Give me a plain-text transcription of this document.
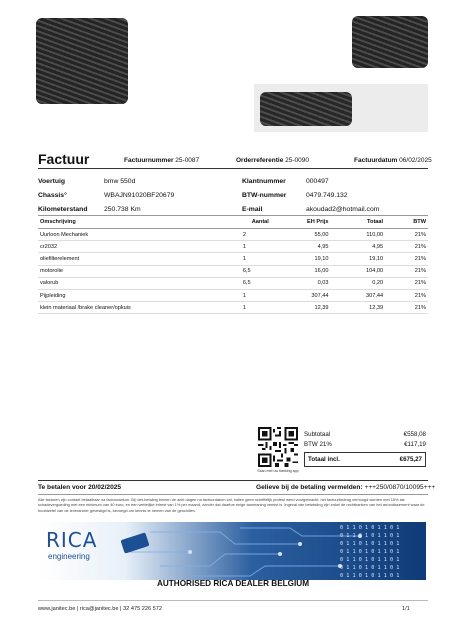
Factuur	Factuurnummer 25-0087	Orderreferentie 25-0090	Factuurdatum 06/02/2025
Voertuig	bmw 550d
Chassis°	WBAJN91020BF20679
Kilometerstand 250.738 Km
Klantnummer	000497
BTW-nummer	0479.749.132
E-mail	akoudad2@hotmail.com
Omschrijving	Aantal	EH Prijs	Totaal	BTW
Uurloon Mechaniek	2	55,00	110,00	21%
cr2032	1	4,95	4,95	21%
oliefilterelement	1	19,10	19,10	21%
motorolie	6,5	16,00	104,00	21%
valorub	6,5	0,03	0,20	21%
Pijpleiding	1	307,44	307,44	21%
klein materiaal /brake cleaner/opkuis	1	12,39	12,39	21%
Scan met uw banking app
Subtotaal	€558,08
BTW 21%	€117,19
Totaal incl.	€675,27
Te betalen voor 20/02/2025	Gelieve bij de betaling vermelden: +++250/0870/10095+++
Alle facturen zijn contant betaalbaar na factuurdatum. Bij niet-betaling binnen de acht dagen na factuurdatum zal, indien geen schriftelijk protest werd voorgebracht, het factuurbedrag verhoogd worden met 15% als schadevergoeding met een minimum van 40 euro, en een wettelijke intrest van 1% per maand, zonder dat daartoe enige aanmaning vereist is. Ingeval van betwisting zijn enkel de rechtbanken van het arrondissement waar de hoofdzetel van de leverancier gevestigd is, bevoegd om kennis te nemen van de geschillen.
RICA
engineering
0 1 1 0 1 0 1 1 0 1
0 1 1 0 1 0 1 1 0 1
0 1 1 0 1 0 1 1 0 1
0 1 1 0 1 0 1 1 0 1
0 1 1 0 1 0 1 1 0 1
0 1 1 0 1 0 1 1 0 1
0 1 1 0 1 0 1 1 0 1
AUTHORISED RICA DEALER BELGIUM
www.janitec.be | rica@janitec.be | 32 475 226 572	1/1
